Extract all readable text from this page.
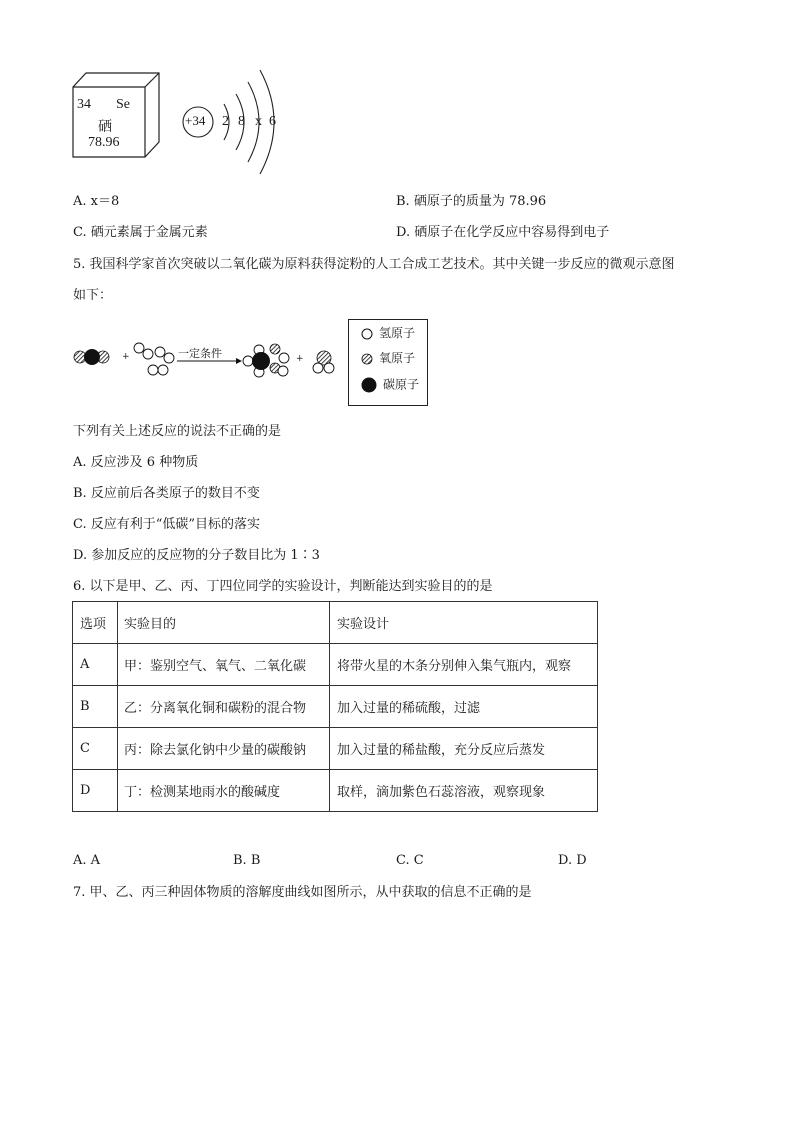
34 Se
硒
78.96
+34 2 8 x 6
A. x＝8	B. 硒原子的质量为 78.96
C. 硒元素属于金属元素	D. 硒原子在化学反应中容易得到电子
5. 我国科学家首次突破以二氧化碳为原料获得淀粉的人工合成工艺技术。其中关键一步反应的微观示意图
如下：
+	一定条件	+
氢原子
氧原子
碳原子
下列有关上述反应的说法不正确的是
A. 反应涉及 6 种物质
B. 反应前后各类原子的数目不变
C. 反应有利于“低碳”目标的落实
D. 参加反应的反应物的分子数目比为 1∶3
6. 以下是甲、乙、丙、丁四位同学的实验设计，判断能达到实验目的的是
选项	实验目的	实验设计
A	甲：鉴别空气、氧气、二氧化碳	将带火星的木条分别伸入集气瓶内，观察
B	乙：分离氧化铜和碳粉的混合物	加入过量的稀硫酸，过滤
C	丙：除去氯化钠中少量的碳酸钠	加入过量的稀盐酸，充分反应后蒸发
D	丁：检测某地雨水的酸碱度	取样，滴加紫色石蕊溶液，观察现象
A. A	B. B	C. C	D. D
7. 甲、乙、丙三种固体物质的溶解度曲线如图所示，从中获取的信息不正确的是
